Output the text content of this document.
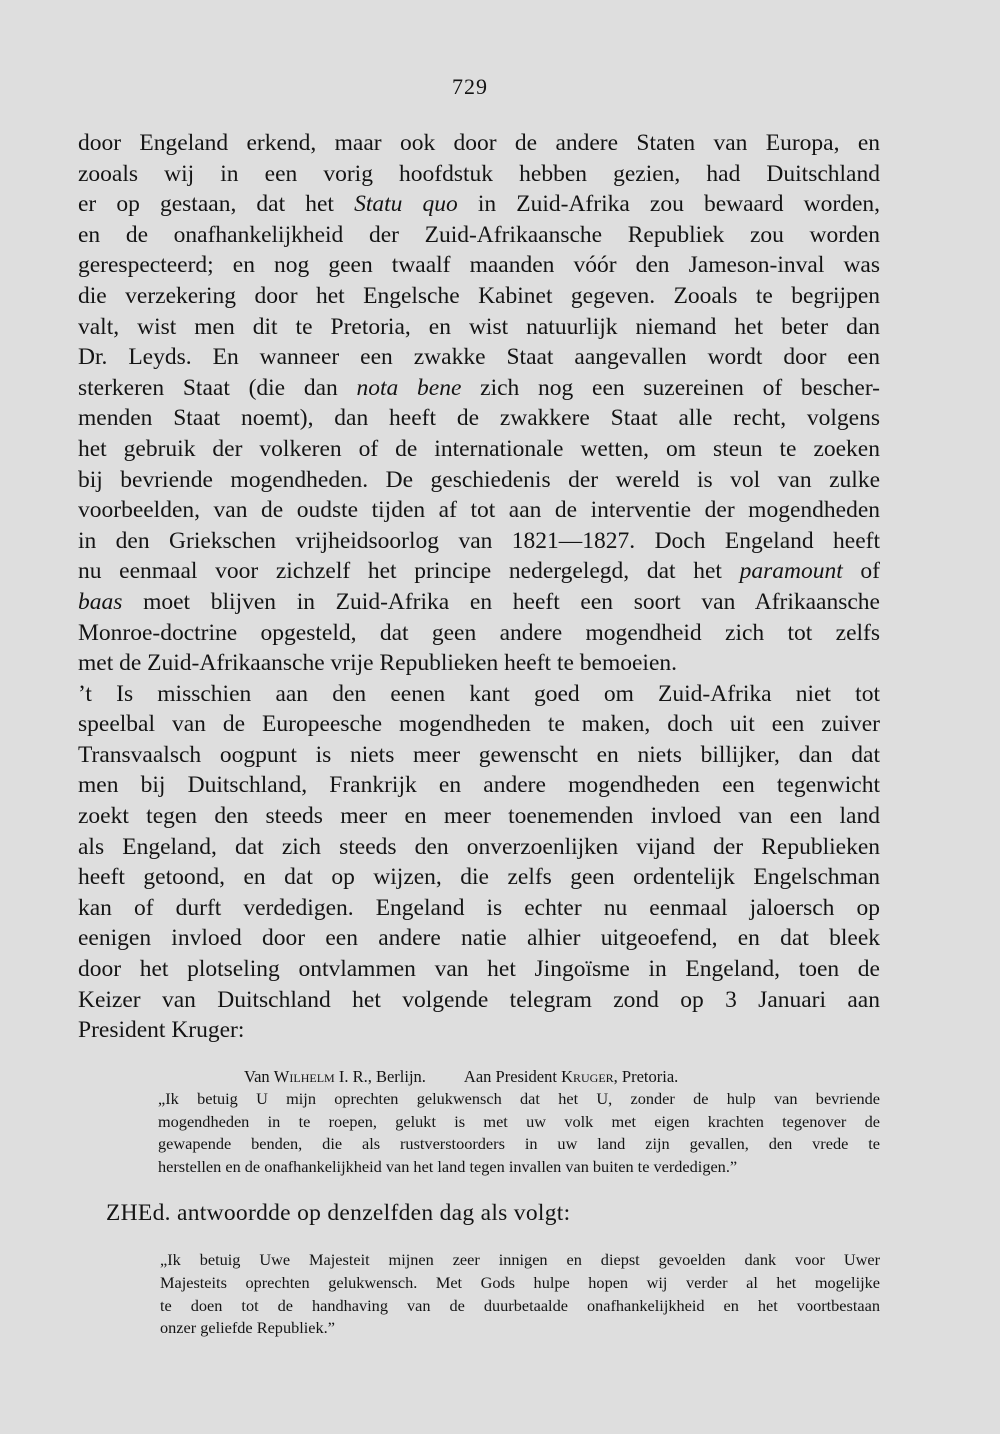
729
door Engeland erkend, maar ook door de andere Staten van Europa, en
zooals wij in een vorig hoofdstuk hebben gezien, had Duitschland
er op gestaan, dat het Statu quo in Zuid-Afrika zou bewaard worden,
en de onafhankelijkheid der Zuid-Afrikaansche Republiek zou worden
gerespecteerd; en nog geen twaalf maanden vóór den Jameson-inval was
die verzekering door het Engelsche Kabinet gegeven. Zooals te begrijpen
valt, wist men dit te Pretoria, en wist natuurlijk niemand het beter dan
Dr. Leyds. En wanneer een zwakke Staat aangevallen wordt door een
sterkeren Staat (die dan nota bene zich nog een suzereinen of bescher-
menden Staat noemt), dan heeft de zwakkere Staat alle recht, volgens
het gebruik der volkeren of de internationale wetten, om steun te zoeken
bij bevriende mogendheden. De geschiedenis der wereld is vol van zulke
voorbeelden, van de oudste tijden af tot aan de interventie der mogendheden
in den Griekschen vrijheidsoorlog van 1821—1827. Doch Engeland heeft
nu eenmaal voor zichzelf het principe nedergelegd, dat het paramount of
baas moet blijven in Zuid-Afrika en heeft een soort van Afrikaansche
Monroe-doctrine opgesteld, dat geen andere mogendheid zich tot zelfs
met de Zuid-Afrikaansche vrije Republieken heeft te bemoeien.
’t Is misschien aan den eenen kant goed om Zuid-Afrika niet tot
speelbal van de Europeesche mogendheden te maken, doch uit een zuiver
Transvaalsch oogpunt is niets meer gewenscht en niets billijker, dan dat
men bij Duitschland, Frankrijk en andere mogendheden een tegenwicht
zoekt tegen den steeds meer en meer toenemenden invloed van een land
als Engeland, dat zich steeds den onverzoenlijken vijand der Republieken
heeft getoond, en dat op wijzen, die zelfs geen ordentelijk Engelschman
kan of durft verdedigen. Engeland is echter nu eenmaal jaloersch op
eenigen invloed door een andere natie alhier uitgeoefend, en dat bleek
door het plotseling ontvlammen van het Jingoïsme in Engeland, toen de
Keizer van Duitschland het volgende telegram zond op 3 Januari aan
President Kruger:
Van Wilhelm I. R., Berlijn. Aan President Kruger, Pretoria.
„Ik betuig U mijn oprechten gelukwensch dat het U, zonder de hulp van bevriende
mogendheden in te roepen, gelukt is met uw volk met eigen krachten tegenover de
gewapende benden, die als rustverstoorders in uw land zijn gevallen, den vrede te
herstellen en de onafhankelijkheid van het land tegen invallen van buiten te verdedigen.”
ZHEd. antwoordde op denzelfden dag als volgt:
„Ik betuig Uwe Majesteit mijnen zeer innigen en diepst gevoelden dank voor Uwer
Majesteits oprechten gelukwensch. Met Gods hulpe hopen wij verder al het mogelijke
te doen tot de handhaving van de duurbetaalde onafhankelijkheid en het voortbestaan
onzer geliefde Republiek.”
